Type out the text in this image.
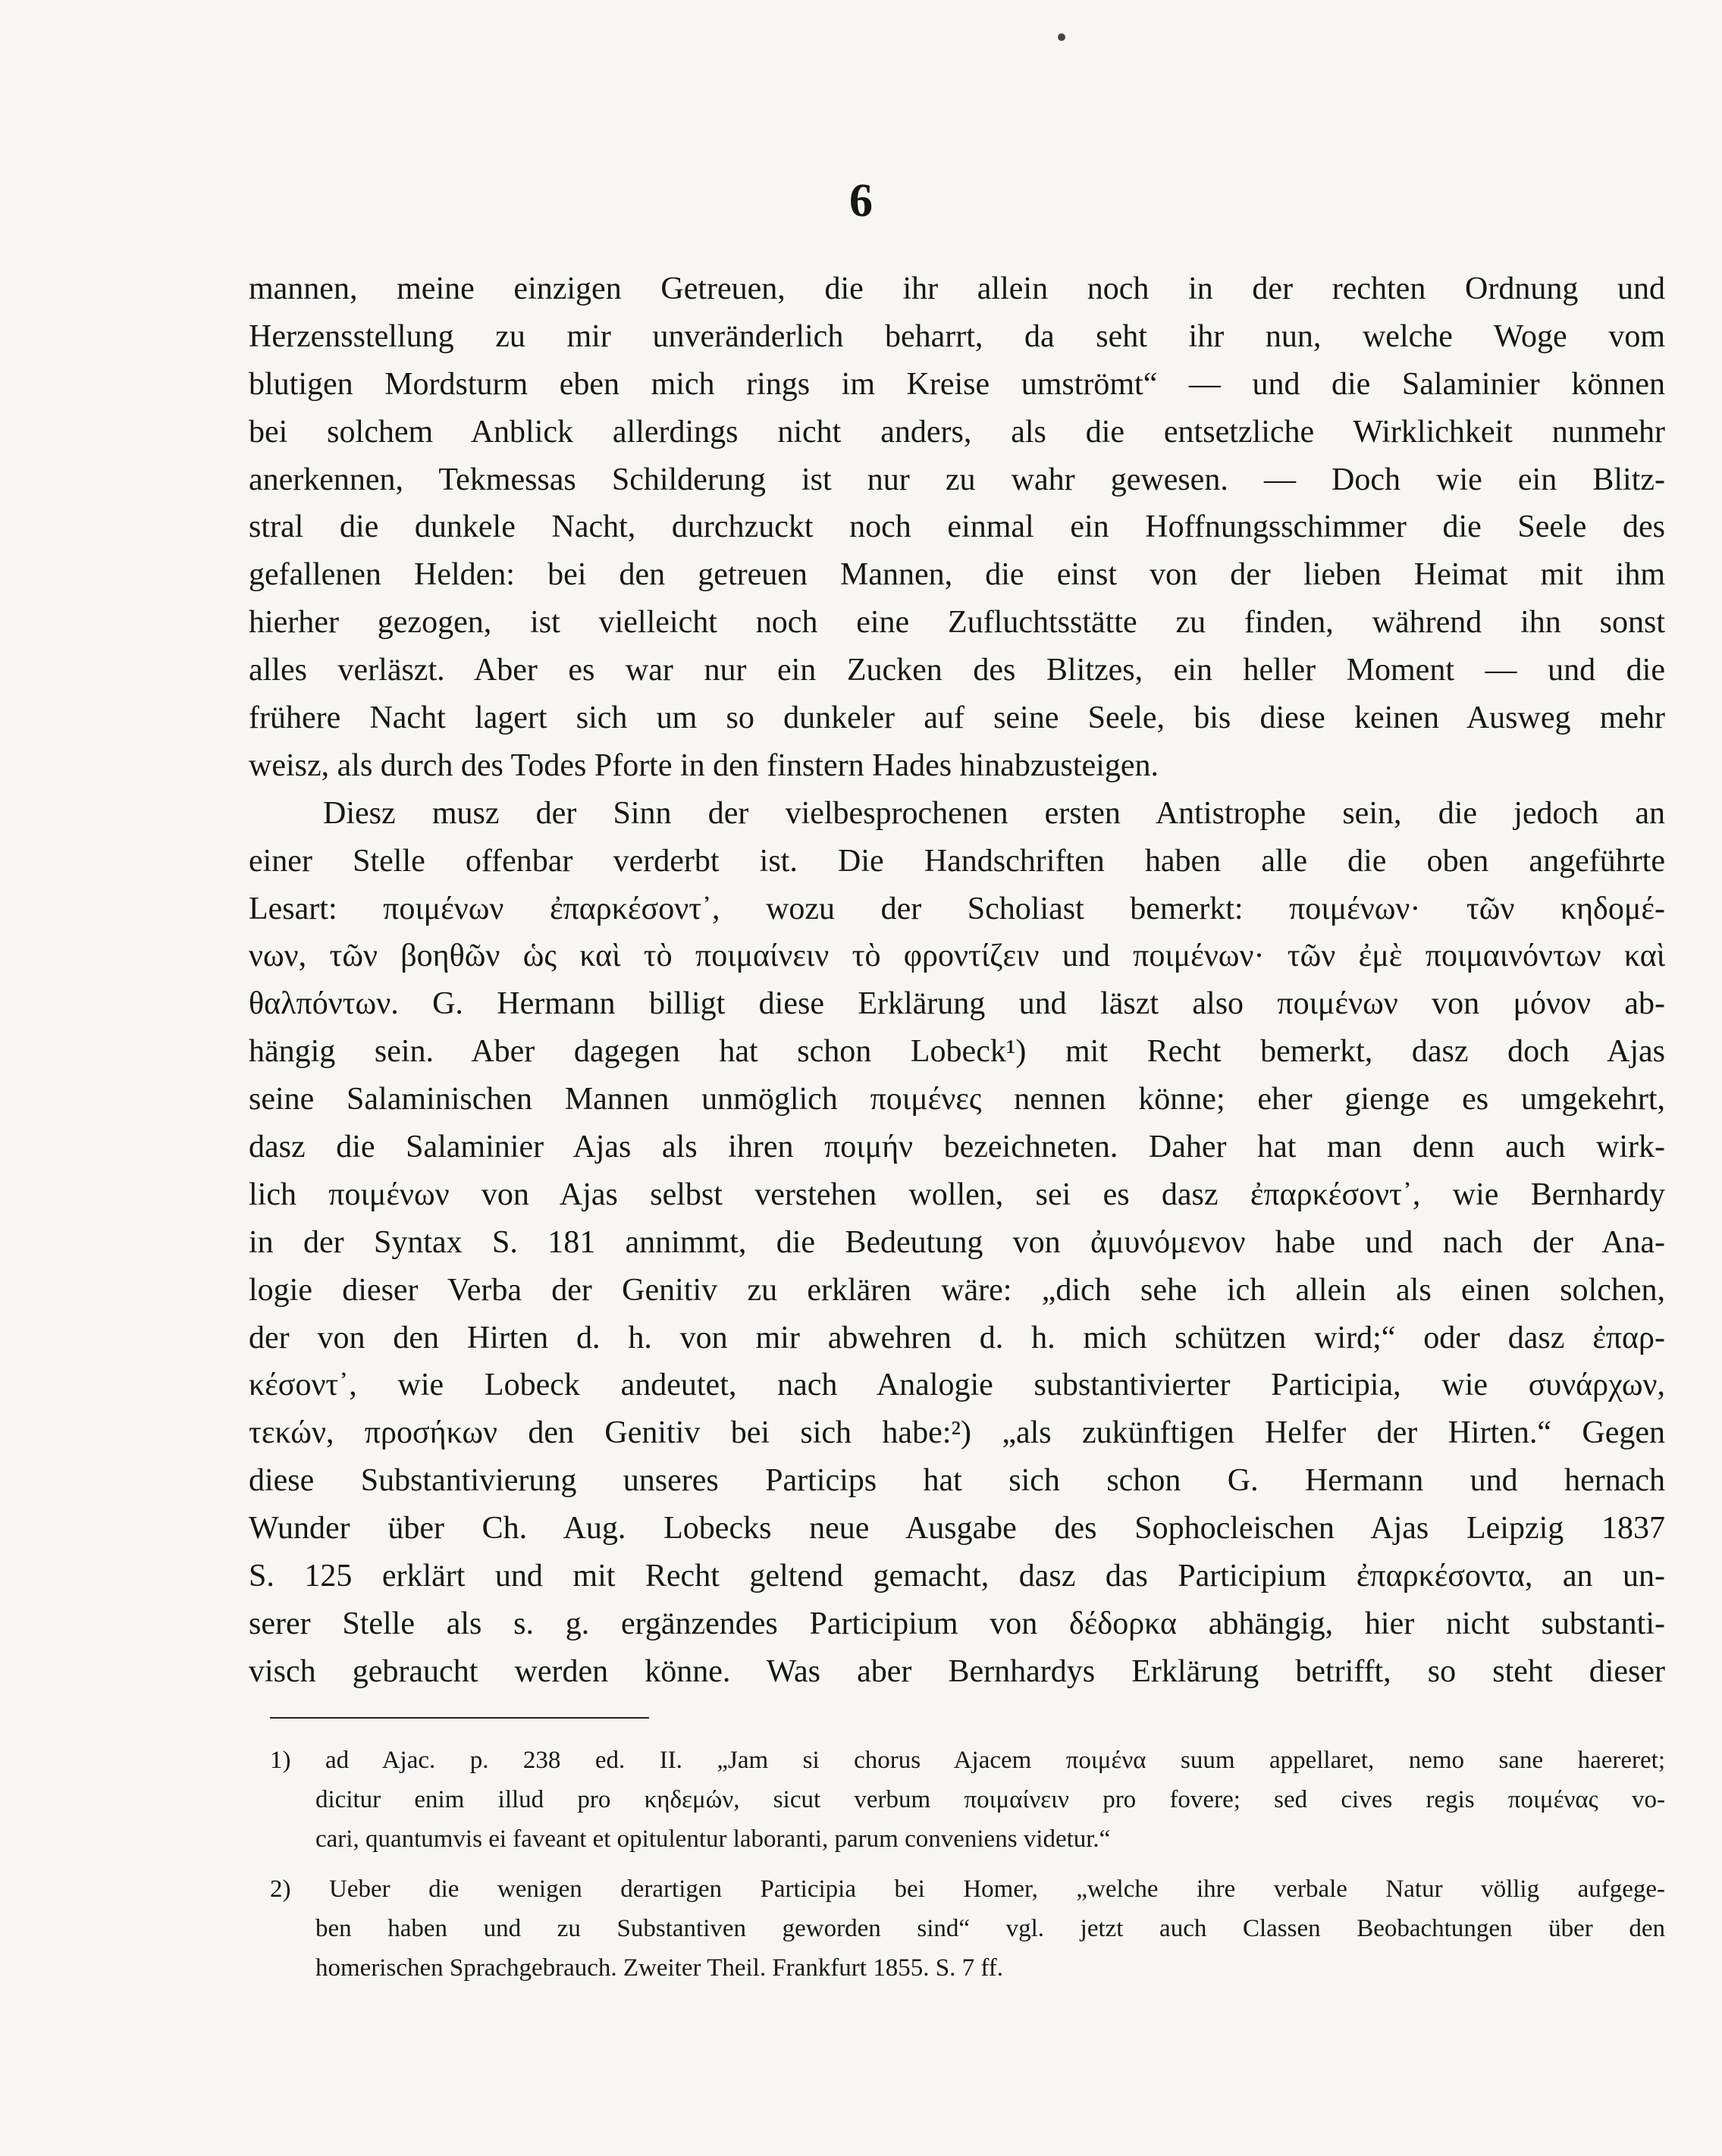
6
mannen, meine einzigen Getreuen, die ihr allein noch in der rechten Ordnung und
Herzensstellung zu mir unveränderlich beharrt, da seht ihr nun, welche Woge vom
blutigen Mordsturm eben mich rings im Kreise umströmt“ — und die Salaminier können
bei solchem Anblick allerdings nicht anders, als die entsetzliche Wirklichkeit nunmehr
anerkennen, Tekmessas Schilderung ist nur zu wahr gewesen. — Doch wie ein Blitz-
stral die dunkele Nacht, durchzuckt noch einmal ein Hoffnungsschimmer die Seele des
gefallenen Helden: bei den getreuen Mannen, die einst von der lieben Heimat mit ihm
hierher gezogen, ist vielleicht noch eine Zufluchtsstätte zu finden, während ihn sonst
alles verläszt. Aber es war nur ein Zucken des Blitzes, ein heller Moment — und die
frühere Nacht lagert sich um so dunkeler auf seine Seele, bis diese keinen Ausweg mehr
weisz, als durch des Todes Pforte in den finstern Hades hinabzusteigen.
Diesz musz der Sinn der vielbesprochenen ersten Antistrophe sein, die jedoch an
einer Stelle offenbar verderbt ist. Die Handschriften haben alle die oben angeführte
Lesart: ποιμένων ἐπαρκέσοντ᾽, wozu der Scholiast bemerkt: ποιμένων· τῶν κηδομέ-
νων, τῶν βοηθῶν ὡς καὶ τὸ ποιμαίνειν τὸ φροντίζειν und ποιμένων· τῶν ἐμὲ ποιμαινόντων καὶ
θαλπόντων. G. Hermann billigt diese Erklärung und läszt also ποιμένων von μόνον ab-
hängig sein. Aber dagegen hat schon Lobeck¹) mit Recht bemerkt, dasz doch Ajas
seine Salaminischen Mannen unmöglich ποιμένες nennen könne; eher gienge es umgekehrt,
dasz die Salaminier Ajas als ihren ποιμήν bezeichneten. Daher hat man denn auch wirk-
lich ποιμένων von Ajas selbst verstehen wollen, sei es dasz ἐπαρκέσοντ᾽, wie Bernhardy
in der Syntax S. 181 annimmt, die Bedeutung von ἀμυνόμενον habe und nach der Ana-
logie dieser Verba der Genitiv zu erklären wäre: „dich sehe ich allein als einen solchen,
der von den Hirten d. h. von mir abwehren d. h. mich schützen wird;“ oder dasz ἐπαρ-
κέσοντ᾽, wie Lobeck andeutet, nach Analogie substantivierter Participia, wie συνάρχων,
τεκών, προσήκων den Genitiv bei sich habe:²) „als zukünftigen Helfer der Hirten.“ Gegen
diese Substantivierung unseres Particips hat sich schon G. Hermann und hernach
Wunder über Ch. Aug. Lobecks neue Ausgabe des Sophocleischen Ajas Leipzig 1837
S. 125 erklärt und mit Recht geltend gemacht, dasz das Participium ἐπαρκέσοντα, an un-
serer Stelle als s. g. ergänzendes Participium von δέδορκα abhängig, hier nicht substanti-
visch gebraucht werden könne. Was aber Bernhardys Erklärung betrifft, so steht dieser
1) ad Ajac. p. 238 ed. II. „Jam si chorus Ajacem ποιμένα suum appellaret, nemo sane haereret;
dicitur enim illud pro κηδεμών, sicut verbum ποιμαίνειν pro fovere; sed cives regis ποιμένας vo-
cari, quantumvis ei faveant et opitulentur laboranti, parum conveniens videtur.“
2) Ueber die wenigen derartigen Participia bei Homer, „welche ihre verbale Natur völlig aufgege-
ben haben und zu Substantiven geworden sind“ vgl. jetzt auch Classen Beobachtungen über den
homerischen Sprachgebrauch. Zweiter Theil. Frankfurt 1855. S. 7 ff.
